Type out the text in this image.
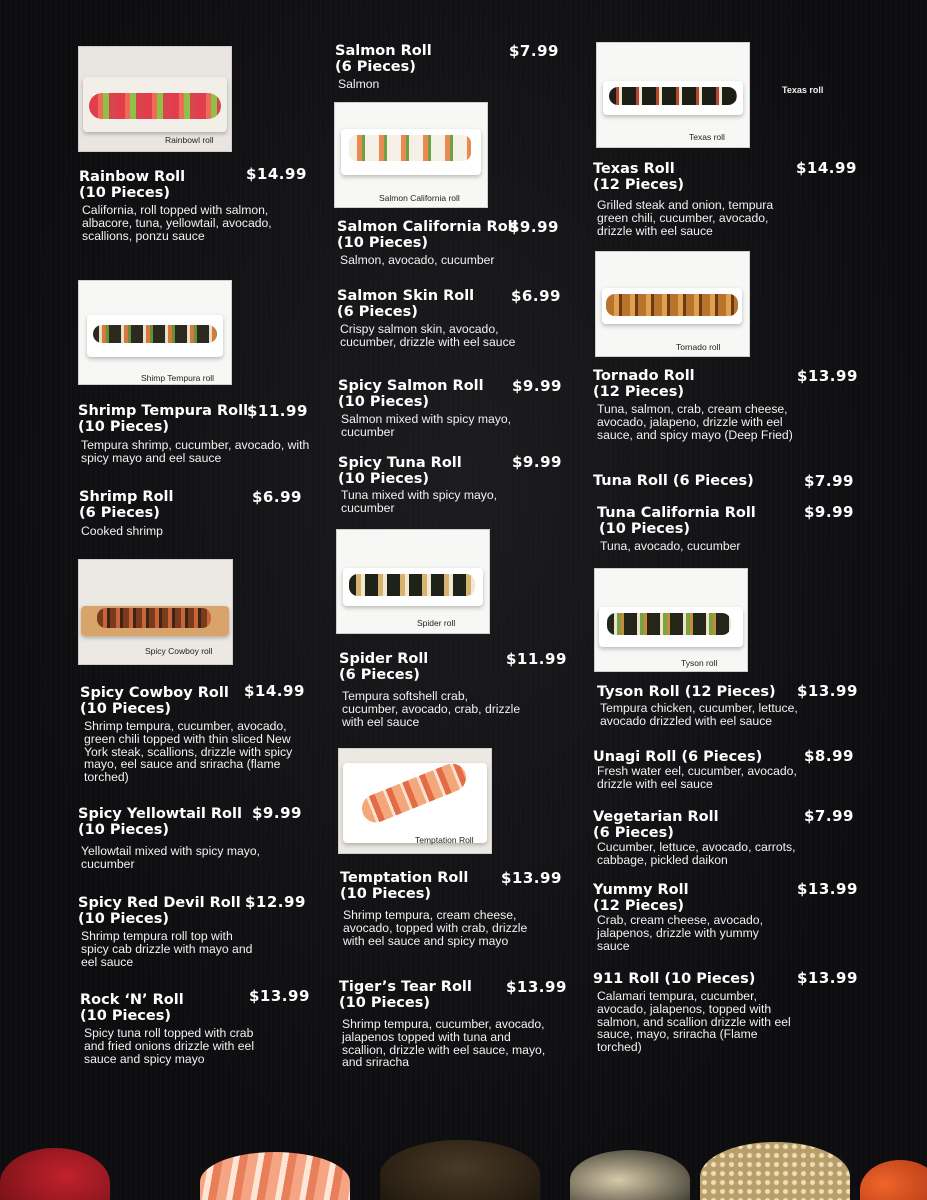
Rainbowl roll
Shimp Tempura roll
Spicy Cowboy roll
Salmon California roll
Spider roll
Temptation Roll
Texas roll
Tornado roll
Tyson roll
Texas roll
Rainbow Roll
(10 Pieces)
$14.99
California, roll topped with salmon, albacore, tuna, yellowtail, avocado, scallions, ponzu sauce
Shrimp Tempura Roll
(10 Pieces)
$11.99
Tempura shrimp, cucumber, avocado, with spicy mayo and eel sauce
Shrimp Roll
(6 Pieces)
$6.99
Cooked shrimp
Spicy Cowboy Roll
(10 Pieces)
$14.99
Shrimp tempura, cucumber, avocado, green chili topped with thin sliced New York steak, scallions, drizzle with spicy mayo, eel sauce and sriracha (flame torched)
Spicy Yellowtail Roll
(10 Pieces)
$9.99
Yellowtail mixed with spicy mayo, cucumber
Spicy Red Devil Roll
(10 Pieces)
$12.99
Shrimp tempura roll top with spicy cab drizzle with mayo and eel sauce
Rock ‘N’ Roll
(10 Pieces)
$13.99
Spicy tuna roll topped with crab and fried onions drizzle with eel sauce and spicy mayo
Salmon Roll
(6 Pieces)
$7.99
Salmon
Salmon California Roll
(10 Pieces)
$9.99
Salmon, avocado, cucumber
Salmon Skin Roll
(6 Pieces)
$6.99
Crispy salmon skin, avocado, cucumber, drizzle with eel sauce
Spicy Salmon Roll
(10 Pieces)
$9.99
Salmon mixed with spicy mayo, cucumber
Spicy Tuna Roll
(10 Pieces)
$9.99
Tuna mixed with spicy mayo, cucumber
Spider Roll
(6 Pieces)
$11.99
Tempura softshell crab, cucumber, avocado, crab, drizzle with eel sauce
Temptation Roll
(10 Pieces)
$13.99
Shrimp tempura, cream cheese, avocado, topped with crab, drizzle with eel sauce and spicy mayo
Tiger’s Tear Roll
(10 Pieces)
$13.99
Shrimp tempura, cucumber, avocado, jalapenos topped with tuna and scallion, drizzle with eel sauce, mayo, and sriracha
Texas Roll
(12 Pieces)
$14.99
Grilled steak and onion, tempura green chili, cucumber, avocado, drizzle with eel sauce
Tornado Roll
(12 Pieces)
$13.99
Tuna, salmon, crab, cream cheese, avocado, jalapeno, drizzle with eel sauce, and spicy mayo (Deep Fried)
Tuna Roll (6 Pieces)	$7.99
Tuna California Roll
(10 Pieces)
$9.99
Tuna, avocado, cucumber
Tyson Roll (12 Pieces) $13.99
Tempura chicken, cucumber, lettuce, avocado drizzled with eel sauce
Unagi Roll (6 Pieces)	$8.99
Fresh water eel, cucumber, avocado, drizzle with eel sauce
Vegetarian Roll
(6 Pieces)
$7.99
Cucumber, lettuce, avocado, carrots, cabbage, pickled daikon
Yummy Roll
(12 Pieces)
$13.99
Crab, cream cheese, avocado, jalapenos, drizzle with yummy sauce
911 Roll (10 Pieces)	$13.99
Calamari tempura, cucumber, avocado, jalapenos, topped with salmon, and scallion drizzle with eel sauce, mayo, sriracha (Flame torched)
